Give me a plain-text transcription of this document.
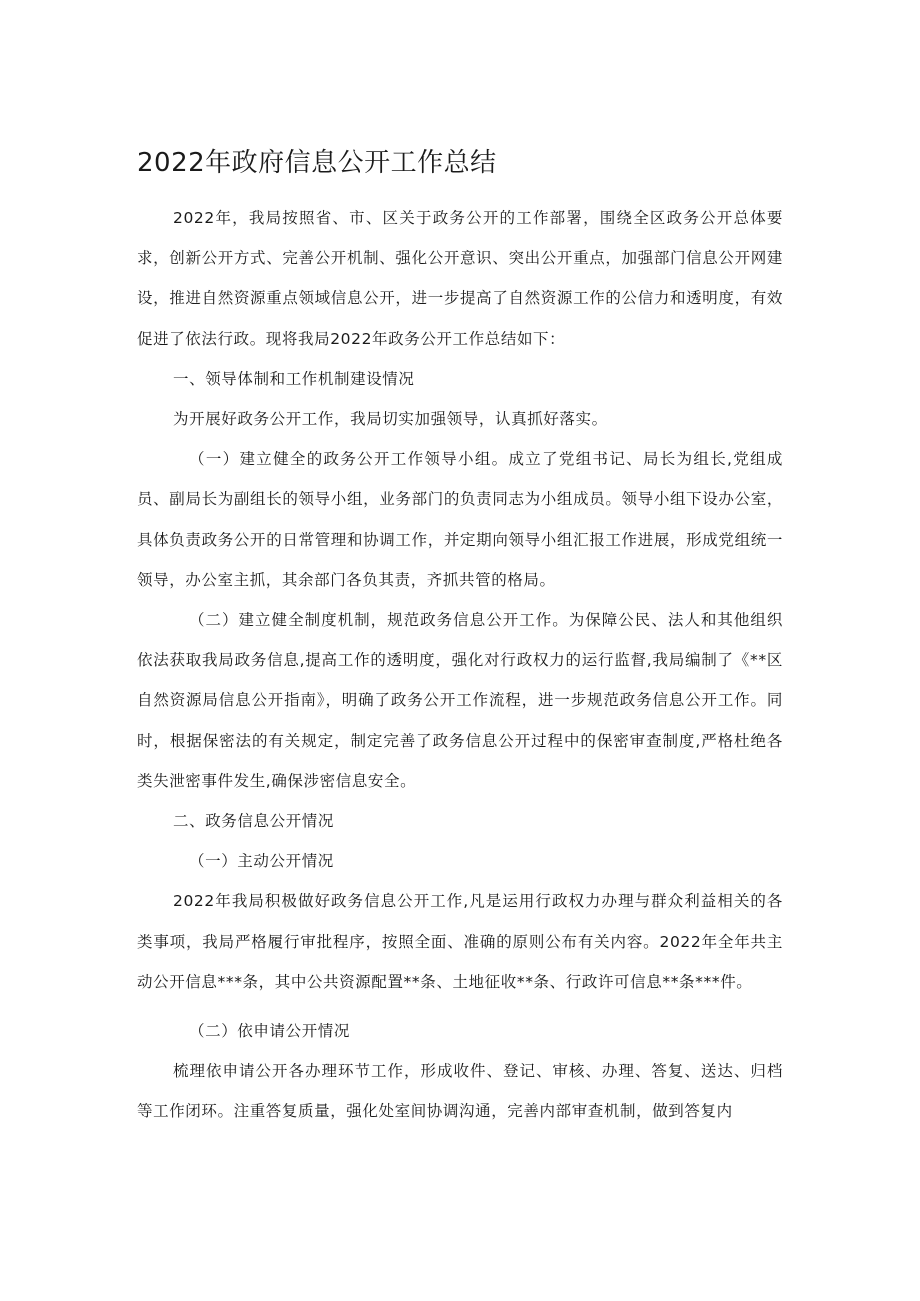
2022年政府信息公开工作总结

2022年，我局按照省、市、区关于政务公开的工作部署，围绕全区政务公开总体要求，创新公开方式、完善公开机制、强化公开意识、突出公开重点，加强部门信息公开网建设，推进自然资源重点领域信息公开，进一步提高了自然资源工作的公信力和透明度，有效促进了依法行政。现将我局2022年政务公开工作总结如下：

一、领导体制和工作机制建设情况

为开展好政务公开工作，我局切实加强领导，认真抓好落实。

（一）建立健全的政务公开工作领导小组。成立了党组书记、局长为组长,党组成员、副局长为副组长的领导小组，业务部门的负责同志为小组成员。领导小组下设办公室，具体负责政务公开的日常管理和协调工作，并定期向领导小组汇报工作进展，形成党组统一领导，办公室主抓，其余部门各负其责，齐抓共管的格局。

（二）建立健全制度机制，规范政务信息公开工作。为保障公民、法人和其他组织依法获取我局政务信息,提高工作的透明度，强化对行政权力的运行监督,我局编制了《**区自然资源局信息公开指南》，明确了政务公开工作流程，进一步规范政务信息公开工作。同时，根据保密法的有关规定，制定完善了政务信息公开过程中的保密审查制度,严格杜绝各类失泄密事件发生,确保涉密信息安全。

二、政务信息公开情况

（一）主动公开情况

2022年我局积极做好政务信息公开工作,凡是运用行政权力办理与群众利益相关的各类事项，我局严格履行审批程序，按照全面、准确的原则公布有关内容。2022年全年共主动公开信息***条，其中公共资源配置**条、土地征收**条、行政许可信息**条***件。

（二）依申请公开情况

梳理依申请公开各办理环节工作，形成收件、登记、审核、办理、答复、送达、归档等工作闭环。注重答复质量，强化处室间协调沟通，完善内部审查机制，做到答复内
